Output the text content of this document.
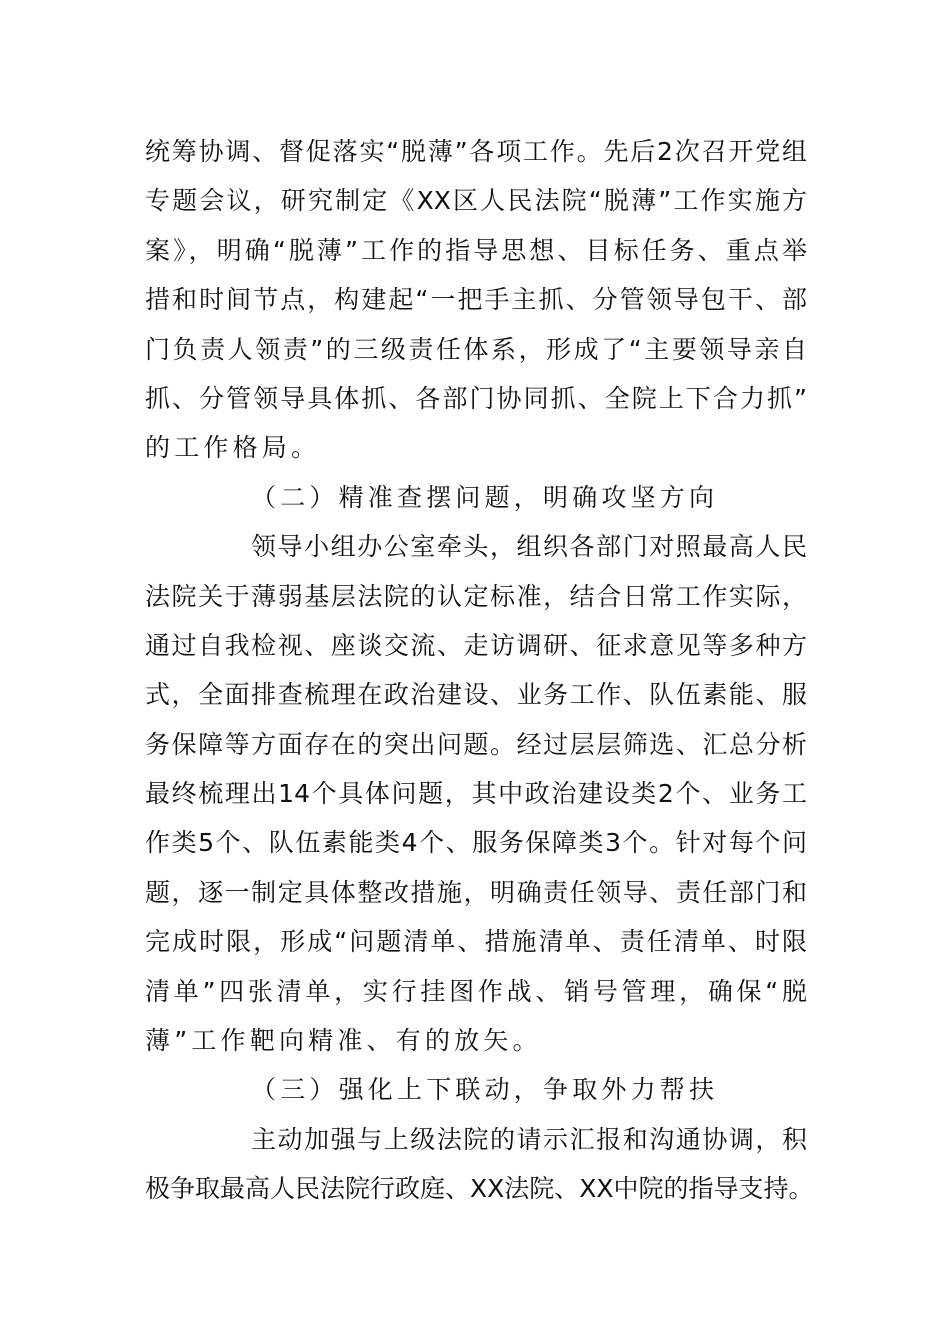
统筹协调、督促落实“脱薄”各项工作。先后2次召开党组
专题会议，研究制定《XX区人民法院“脱薄”工作实施方
案》，明确“脱薄”工作的指导思想、目标任务、重点举
措和时间节点，构建起“一把手主抓、分管领导包干、部
门负责人领责”的三级责任体系，形成了“主要领导亲自
抓、分管领导具体抓、各部门协同抓、全院上下合力抓”
的工作格局。
（二）精准查摆问题，明确攻坚方向
领导小组办公室牵头，组织各部门对照最高人民
法院关于薄弱基层法院的认定标准，结合日常工作实际，
通过自我检视、座谈交流、走访调研、征求意见等多种方
式，全面排查梳理在政治建设、业务工作、队伍素能、服
务保障等方面存在的突出问题。经过层层筛选、汇总分析
最终梳理出14个具体问题，其中政治建设类2个、业务工
作类5个、队伍素能类4个、服务保障类3个。针对每个问
题，逐一制定具体整改措施，明确责任领导、责任部门和
完成时限，形成“问题清单、措施清单、责任清单、时限
清单”四张清单，实行挂图作战、销号管理，确保“脱
薄”工作靶向精准、有的放矢。
（三）强化上下联动，争取外力帮扶
主动加强与上级法院的请示汇报和沟通协调，积
极争取最高人民法院行政庭、XX法院、XX中院的指导支持。
